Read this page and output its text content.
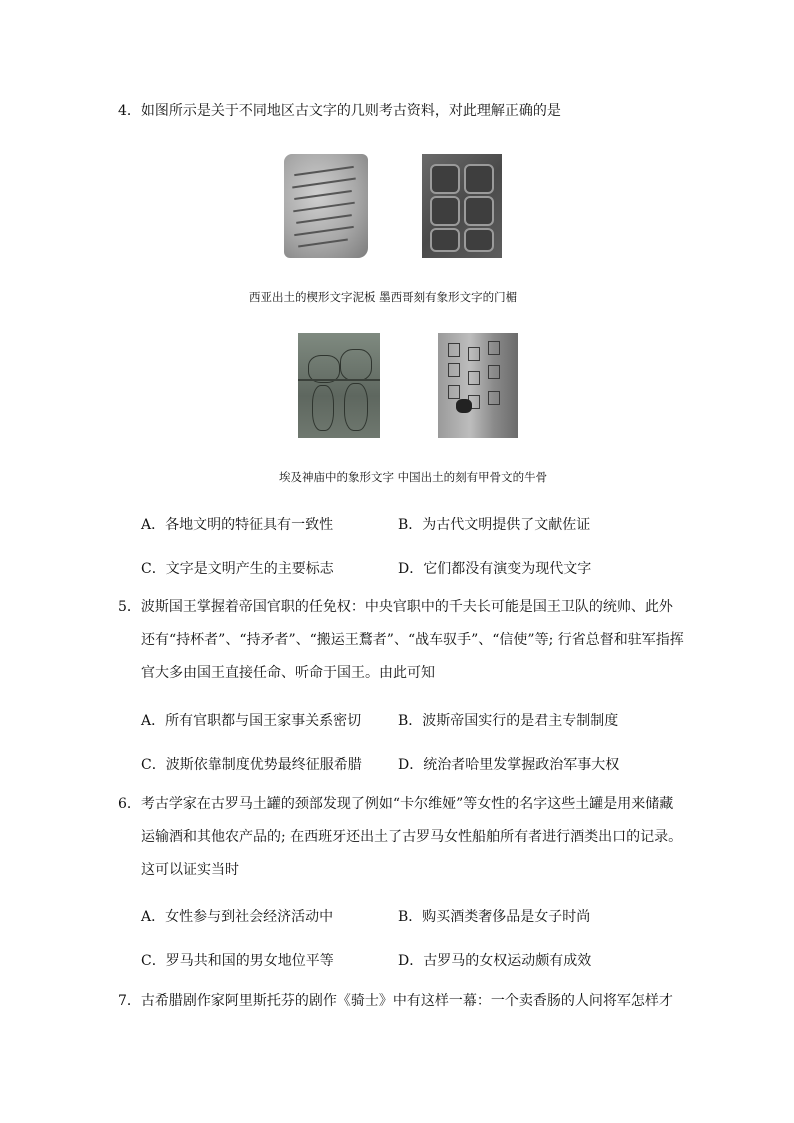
4．如图所示是关于不同地区古文字的几则考古资料，对此理解正确的是
西亚出土的楔形文字泥板 墨西哥刻有象形文字的门楣
埃及神庙中的象形文字 中国出土的刻有甲骨文的牛骨
A．各地文明的特征具有一致性	B．为古代文明提供了文献佐证
C．文字是文明产生的主要标志	D．它们都没有演变为现代文字
5．波斯国王掌握着帝国官职的任免权：中央官职中的千夫长可能是国王卫队的统帅、此外
还有“持杯者”、“持矛者”、“搬运王鶩者”、“战车驭手”、“信使”等; 行省总督和驻军指挥
官大多由国王直接任命、听命于国王。由此可知
A．所有官职都与国王家事关系密切	B．波斯帝国实行的是君主专制制度
C．波斯依靠制度优势最终征服希腊	D．统治者哈里发掌握政治军事大权
6．考古学家在古罗马土罐的颈部发现了例如“卡尔维娅”等女性的名字这些土罐是用来储藏
运输酒和其他农产品的; 在西班牙还出土了古罗马女性船舶所有者进行酒类出口的记录。
这可以证实当时
A．女性参与到社会经济活动中	B．购买酒类奢侈品是女子时尚
C．罗马共和国的男女地位平等	D．古罗马的女权运动颇有成效
7．古希腊剧作家阿里斯托芬的剧作《骑士》中有这样一幕：一个卖香肠的人问将军怎样才
